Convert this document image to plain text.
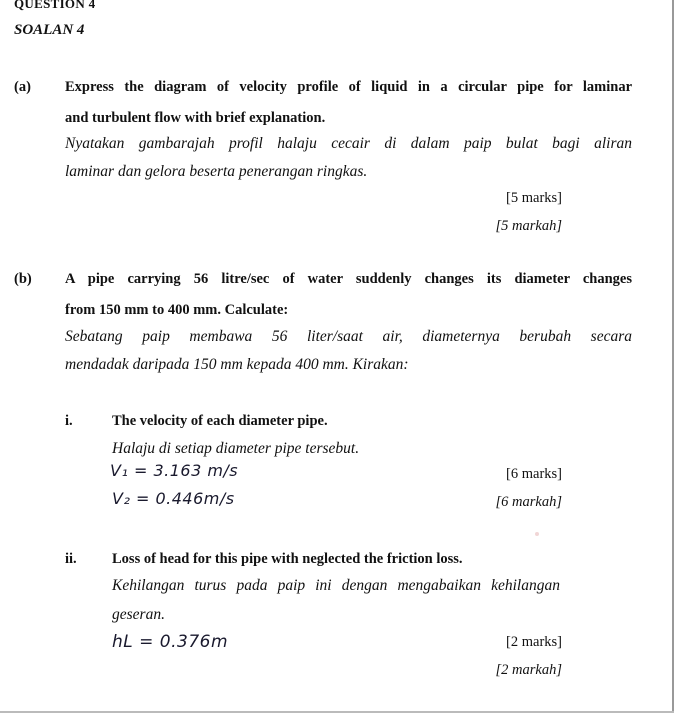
QUESTION 4
SOALAN 4
(a) Express the diagram of velocity profile of liquid in a circular pipe for laminar
and turbulent flow with brief explanation.
Nyatakan gambarajah profil halaju cecair di dalam paip bulat bagi aliran
laminar dan gelora beserta penerangan ringkas.
[5 marks]
[5 markah]
(b) A pipe carrying 56 litre/sec of water suddenly changes its diameter changes
from 150 mm to 400 mm. Calculate:
Sebatang paip membawa 56 liter/saat air, diameternya berubah secara
mendadak daripada 150 mm kepada 400 mm. Kirakan:
i.	The velocity of each diameter pipe.
Halaju di setiap diameter pipe tersebut.
V₁ = 3.163 m/s	[6 marks]
V₂ = 0.446m/s	[6 markah]
ii. Loss of head for this pipe with neglected the friction loss.
Kehilangan turus pada paip ini dengan mengabaikan kehilangan
geseran.
hL = 0.376m	[2 marks]
[2 markah]
